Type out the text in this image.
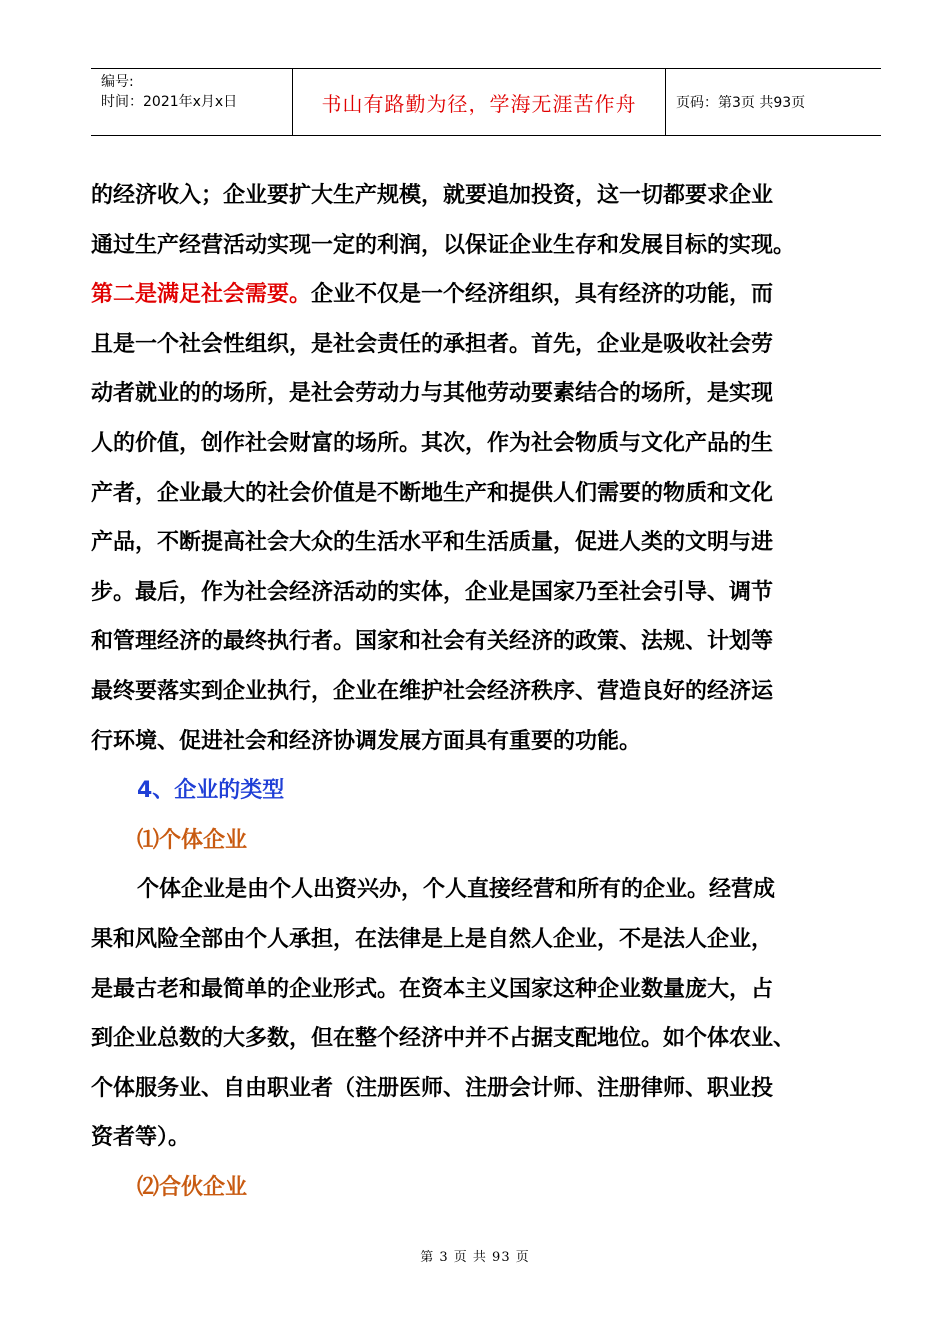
编号:
时间：2021年x月x日	书山有路勤为径，学海无涯苦作舟	页码：第3页 共93页

的经济收入；企业要扩大生产规模，就要追加投资，这一切都要求企业

通过生产经营活动实现一定的利润，以保证企业生存和发展目标的实现。

第二是满足社会需要。企业不仅是一个经济组织，具有经济的功能，而

且是一个社会性组织，是社会责任的承担者。首先，企业是吸收社会劳

动者就业的的场所，是社会劳动力与其他劳动要素结合的场所，是实现

人的价值，创作社会财富的场所。其次，作为社会物质与文化产品的生

产者，企业最大的社会价值是不断地生产和提供人们需要的物质和文化

产品，不断提高社会大众的生活水平和生活质量，促进人类的文明与进

步。最后，作为社会经济活动的实体，企业是国家乃至社会引导、调节

和管理经济的最终执行者。国家和社会有关经济的政策、法规、计划等

最终要落实到企业执行，企业在维护社会经济秩序、营造良好的经济运

行环境、促进社会和经济协调发展方面具有重要的功能。

4、企业的类型

⑴个体企业

个体企业是由个人出资兴办，个人直接经营和所有的企业。经营成

果和风险全部由个人承担，在法律是上是自然人企业，不是法人企业，

是最古老和最简单的企业形式。在资本主义国家这种企业数量庞大，占

到企业总数的大多数，但在整个经济中并不占据支配地位。如个体农业、

个体服务业、自由职业者（注册医师、注册会计师、注册律师、职业投

资者等）。

⑵合伙企业

第 3 页 共 93 页
